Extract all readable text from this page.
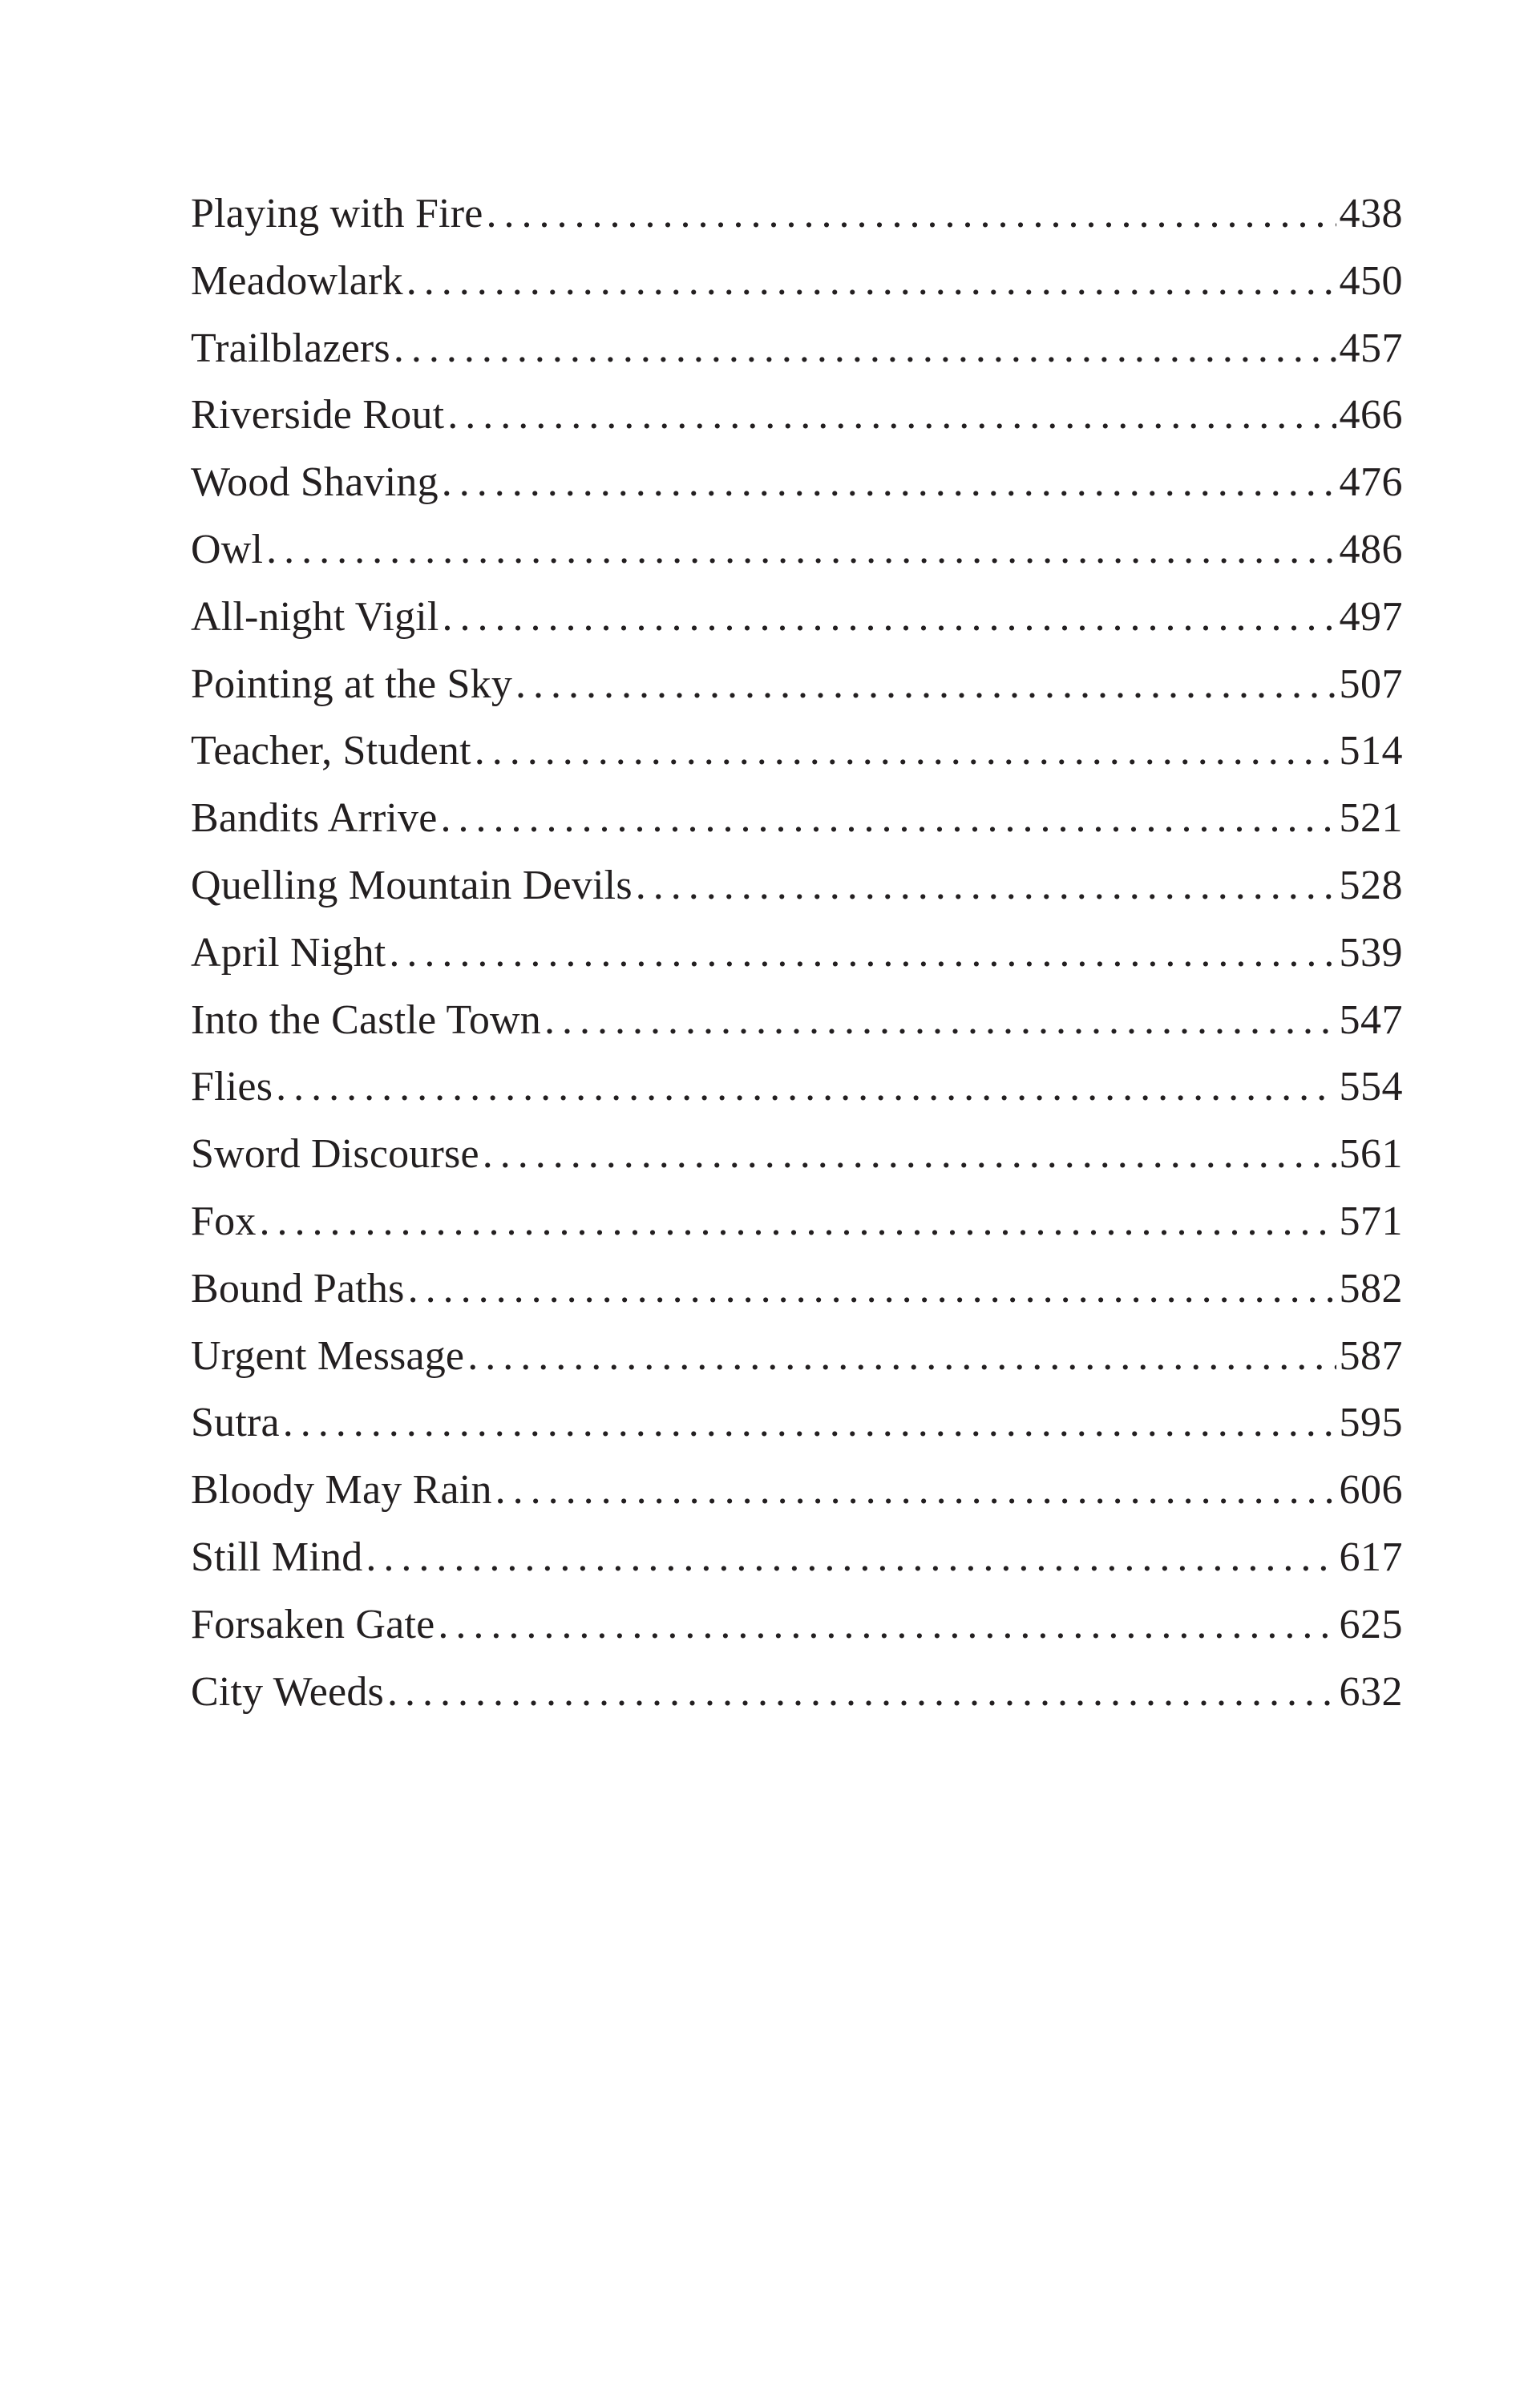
Playing with Fire . . .	438
Meadowlark . . .	450
Trailblazers . . .	457
Riverside Rout . . .	466
Wood Shaving . . .	476
Owl . . .	486
All-night Vigil . . .	497
Pointing at the Sky . . .	507
Teacher, Student . . .	514
Bandits Arrive . . .	521
Quelling Mountain Devils . . .	528
April Night . . .	539
Into the Castle Town . . .	547
Flies . . .	554
Sword Discourse . . .	561
Fox . . .	571
Bound Paths . . .	582
Urgent Message . . .	587
Sutra . . .	595
Bloody May Rain . . .	606
Still Mind . . .	617
Forsaken Gate . . .	625
City Weeds . . .	632
